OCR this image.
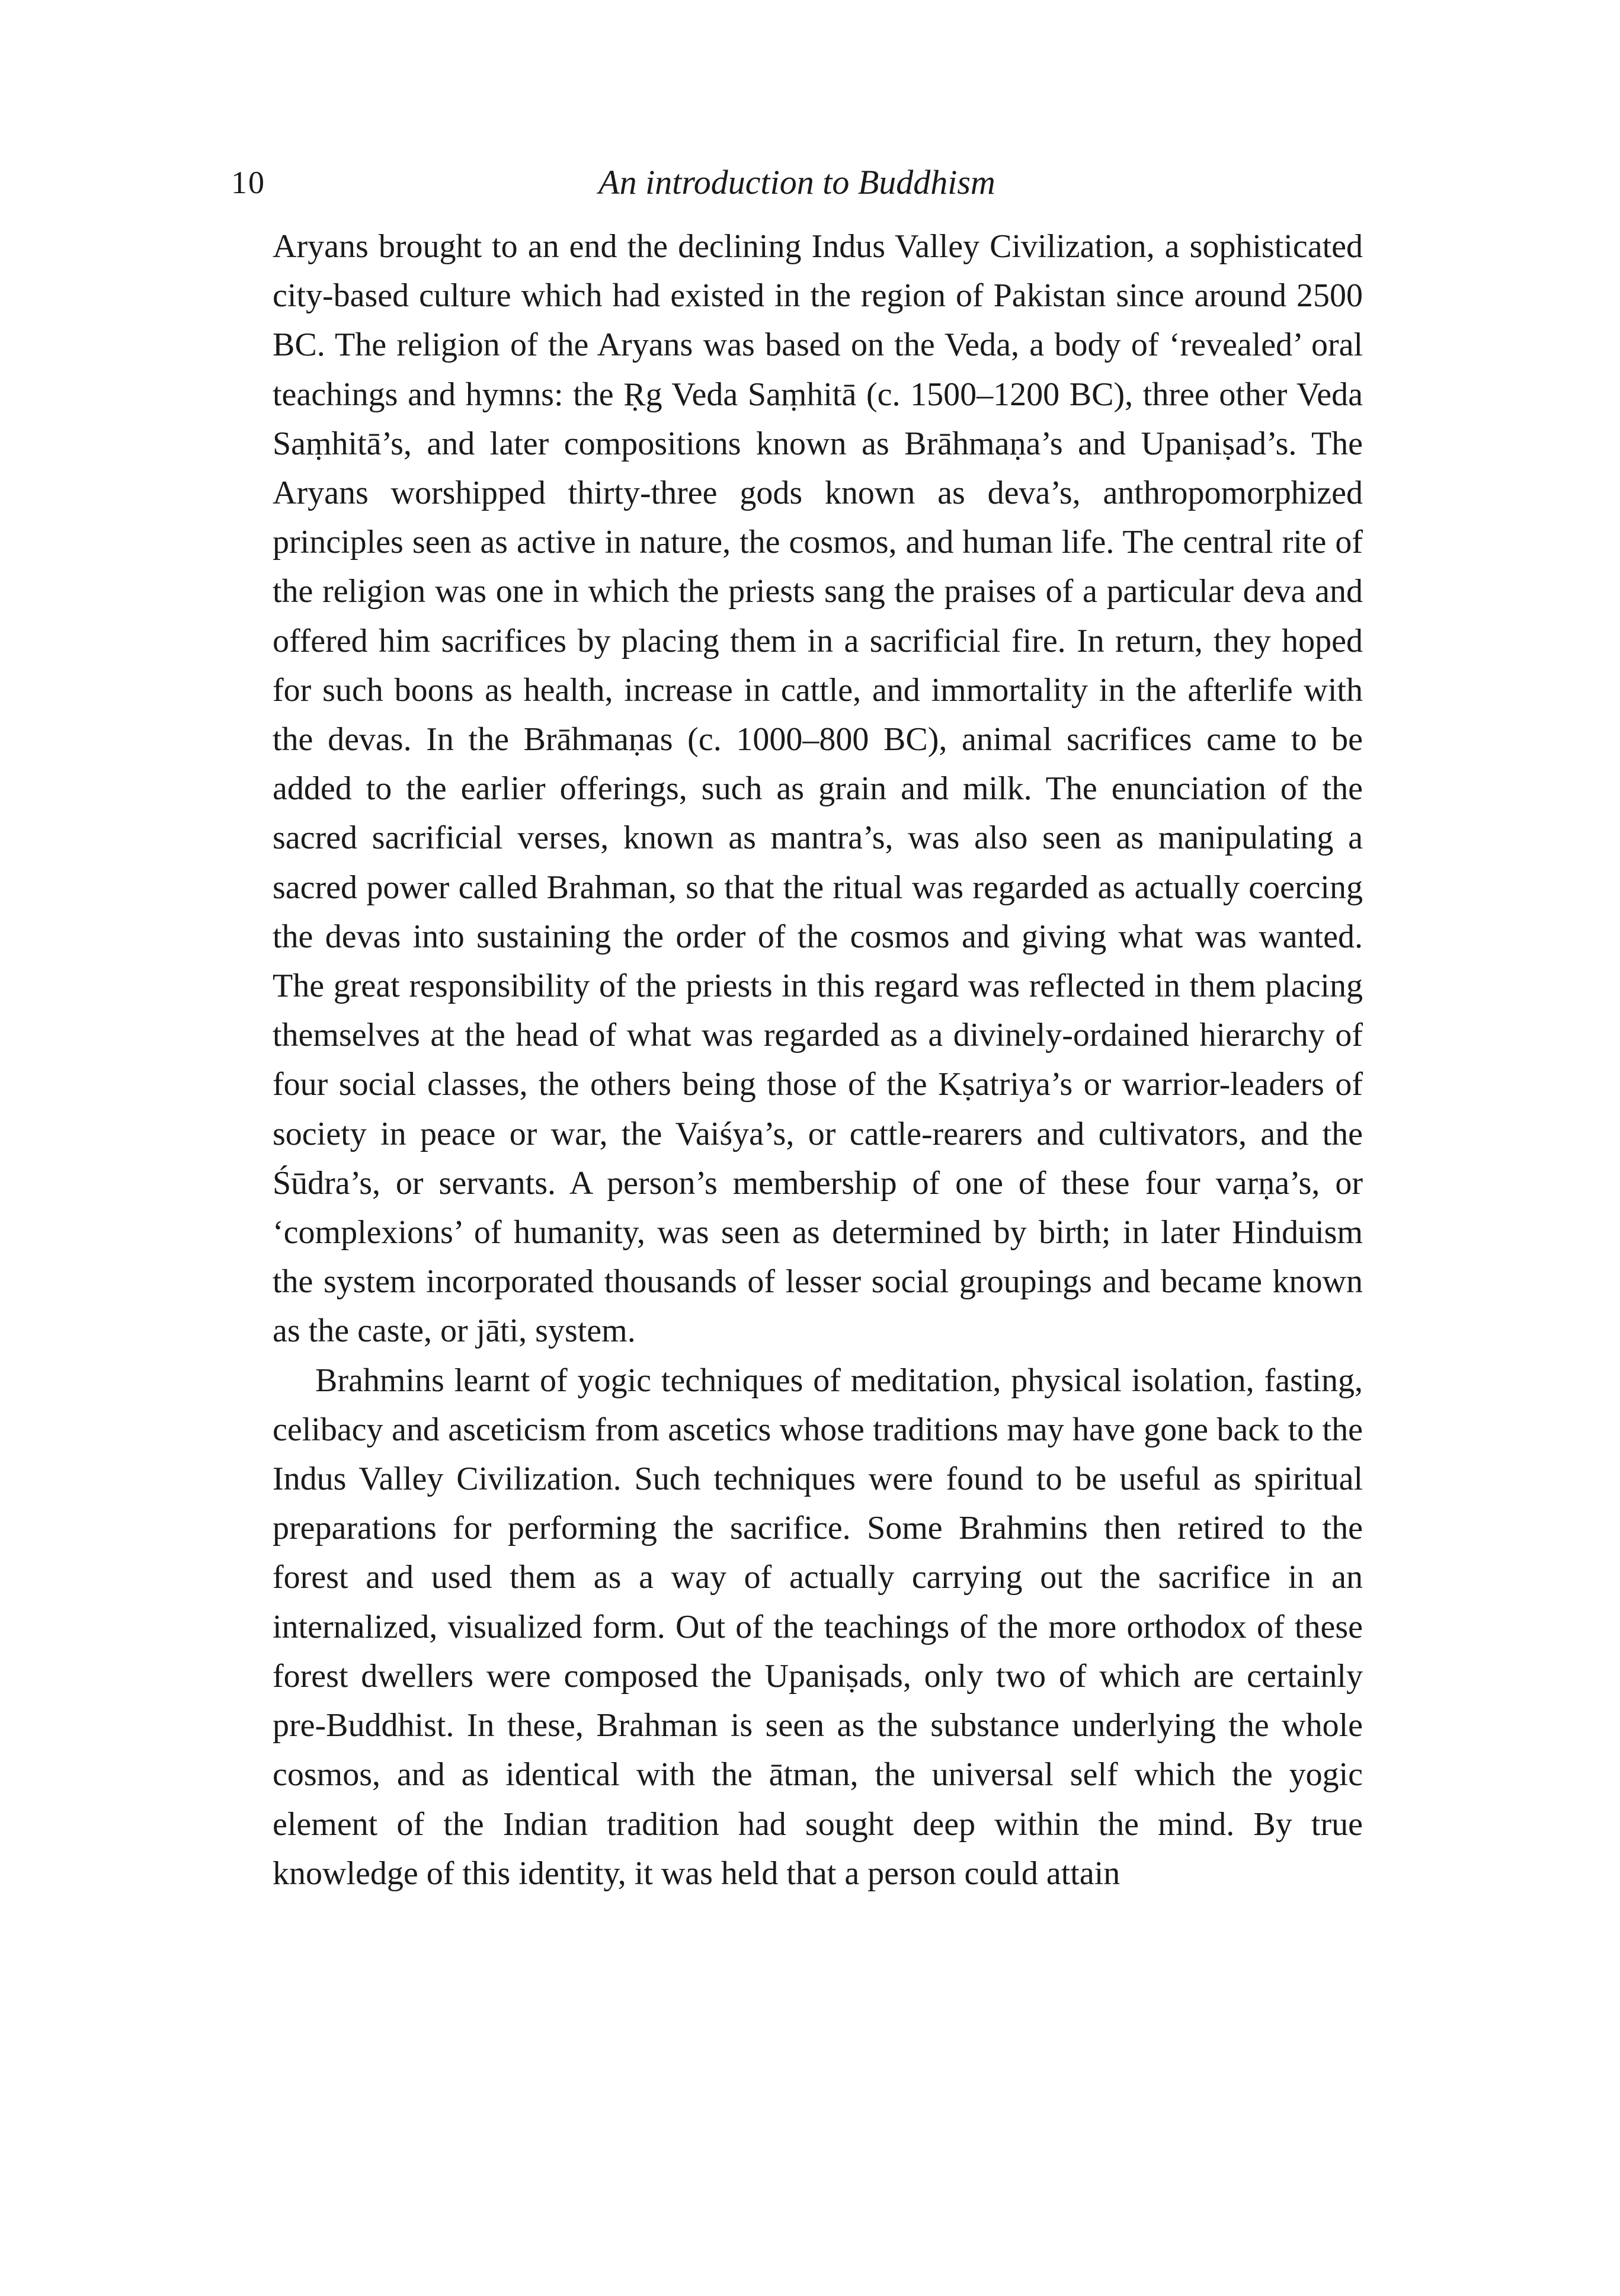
10	An introduction to Buddhism

Aryans brought to an end the declining Indus Valley Civilization, a sophisticated city-based culture which had existed in the region of Pakistan since around 2500 BC. The religion of the Aryans was based on the Veda, a body of ‘revealed’ oral teachings and hymns: the Ṛg Veda Saṃhitā (c. 1500–1200 BC), three other Veda Saṃhitā’s, and later compositions known as Brāhmaṇa’s and Upaniṣad’s. The Aryans worshipped thirty-three gods known as deva’s, anthropomorphized principles seen as active in nature, the cosmos, and human life. The central rite of the religion was one in which the priests sang the praises of a particular deva and offered him sacrifices by placing them in a sacrificial fire. In return, they hoped for such boons as health, increase in cattle, and immortality in the afterlife with the devas. In the Brāhmaṇas (c. 1000–800 BC), animal sacrifices came to be added to the earlier offerings, such as grain and milk. The enunciation of the sacred sacrificial verses, known as mantra’s, was also seen as manipulating a sacred power called Brahman, so that the ritual was regarded as actually coercing the devas into sustaining the order of the cosmos and giving what was wanted. The great responsibility of the priests in this regard was reflected in them placing themselves at the head of what was regarded as a divinely-ordained hierarchy of four social classes, the others being those of the Kṣatriya’s or warrior-leaders of society in peace or war, the Vaiśya’s, or cattle-rearers and cultivators, and the Śūdra’s, or servants. A person’s membership of one of these four varṇa’s, or ‘complexions’ of humanity, was seen as determined by birth; in later Hinduism the system incorporated thousands of lesser social groupings and became known as the caste, or jāti, system.

Brahmins learnt of yogic techniques of meditation, physical isolation, fasting, celibacy and asceticism from ascetics whose traditions may have gone back to the Indus Valley Civilization. Such techniques were found to be useful as spiritual preparations for performing the sacrifice. Some Brahmins then retired to the forest and used them as a way of actually carrying out the sacrifice in an internalized, visualized form. Out of the teachings of the more orthodox of these forest dwellers were composed the Upaniṣads, only two of which are certainly pre-Buddhist. In these, Brahman is seen as the substance underlying the whole cosmos, and as identical with the ātman, the universal self which the yogic element of the Indian tradition had sought deep within the mind. By true knowledge of this identity, it was held that a person could attain
